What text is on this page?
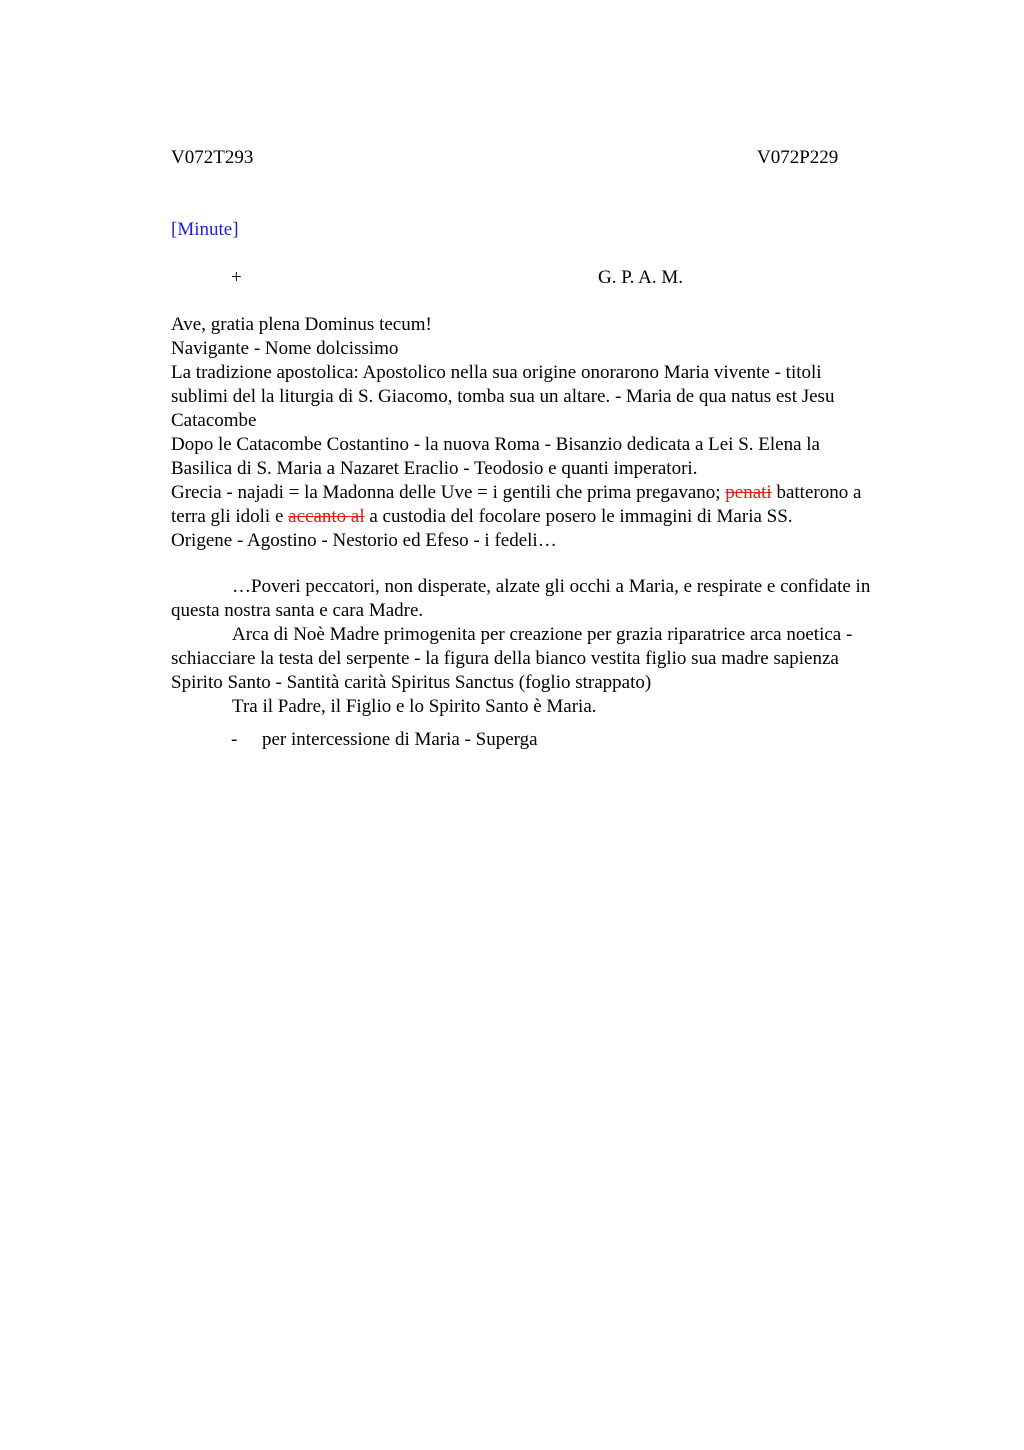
V072T293	V072P229
[Minute]
+	G. P. A. M.
Ave, gratia plena Dominus tecum!
Navigante - Nome dolcissimo
La tradizione apostolica: Apostolico nella sua origine onorarono Maria vivente - titoli
sublimi del la liturgia di S. Giacomo, tomba sua un altare. - Maria de qua natus est Jesu
Catacombe
Dopo le Catacombe Costantino - la nuova Roma - Bisanzio dedicata a Lei S. Elena la
Basilica di S. Maria a Nazaret Eraclio - Teodosio e quanti imperatori.
Grecia - najadi = la Madonna delle Uve = i gentili che prima pregavano; penati batterono a
terra gli idoli e accanto al a custodia del focolare posero le immagini di Maria SS.
Origene - Agostino - Nestorio ed Efeso - i fedeli…
…Poveri peccatori, non disperate, alzate gli occhi a Maria, e respirate e confidate in
questa nostra santa e cara Madre.
Arca di Noè Madre primogenita per creazione per grazia riparatrice arca noetica -
schiacciare la testa del serpente - la figura della bianco vestita figlio sua madre sapienza
Spirito Santo - Santità carità Spiritus Sanctus (foglio strappato)
Tra il Padre, il Figlio e lo Spirito Santo è Maria.
- per intercessione di Maria - Superga
